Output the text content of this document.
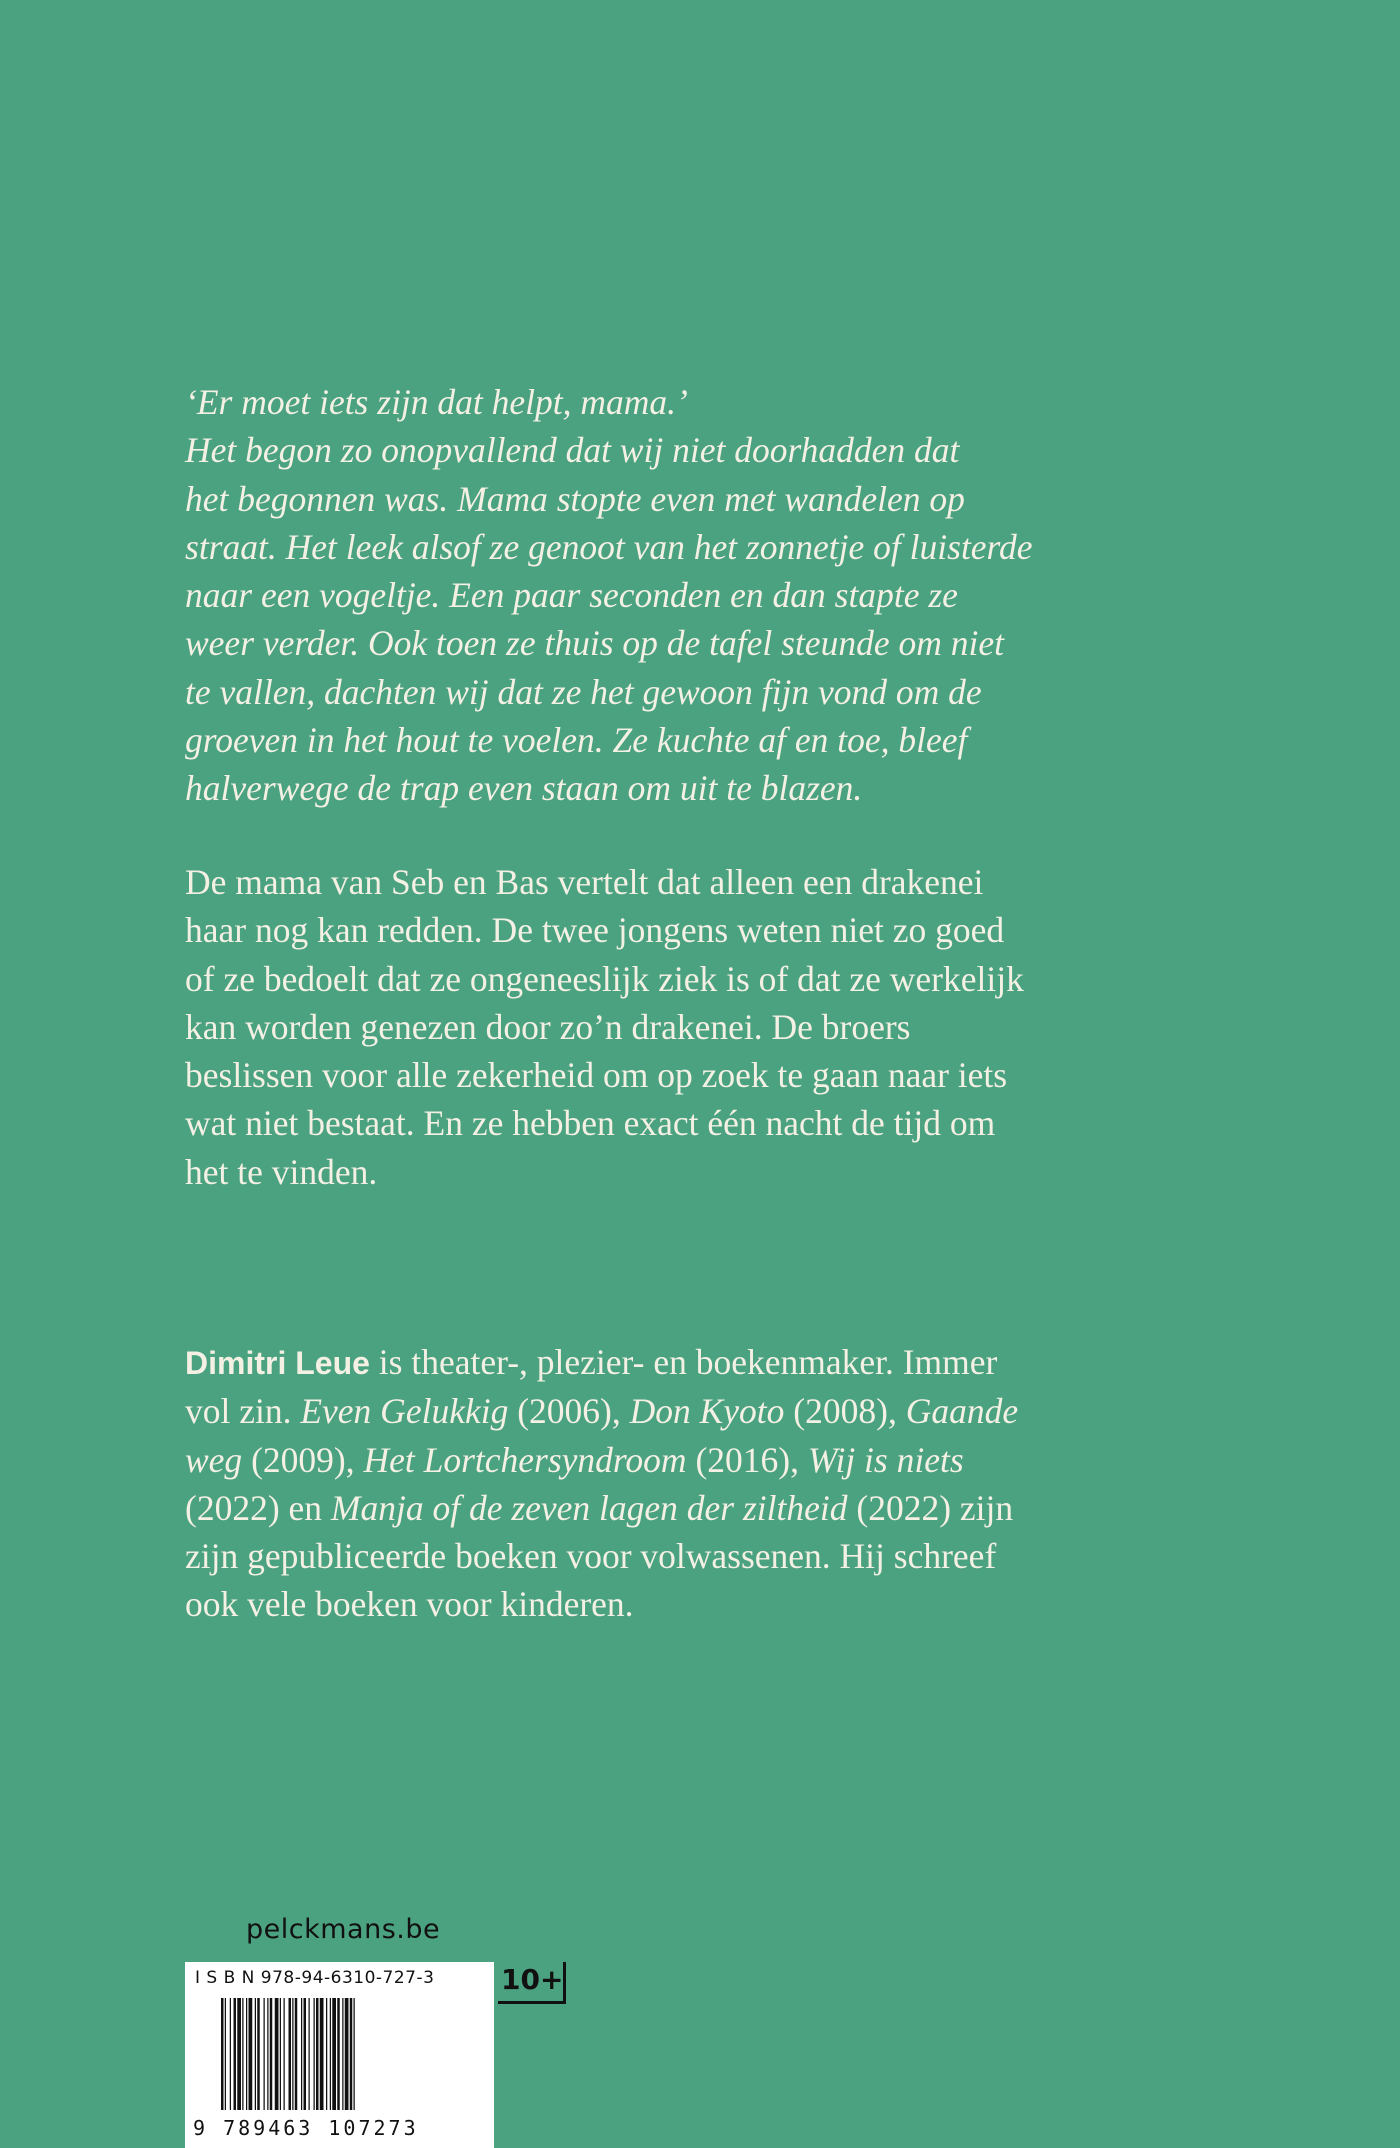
‘Er moet iets zijn dat helpt, mama.’
Het begon zo onopvallend dat wij niet doorhadden dat
het begonnen was. Mama stopte even met wandelen op
straat. Het leek alsof ze genoot van het zonnetje of luisterde
naar een vogeltje. Een paar seconden en dan stapte ze
weer verder. Ook toen ze thuis op de tafel steunde om niet
te vallen, dachten wij dat ze het gewoon fijn vond om de
groeven in het hout te voelen. Ze kuchte af en toe, bleef
halverwege de trap even staan om uit te blazen.
De mama van Seb en Bas vertelt dat alleen een drakenei
haar nog kan redden. De twee jongens weten niet zo goed
of ze bedoelt dat ze ongeneeslijk ziek is of dat ze werkelijk
kan worden genezen door zo’n drakenei. De broers
beslissen voor alle zekerheid om op zoek te gaan naar iets
wat niet bestaat. En ze hebben exact één nacht de tijd om
het te vinden.
Dimitri Leue is theater-, plezier- en boekenmaker. Immer
vol zin. Even Gelukkig (2006), Don Kyoto (2008), Gaande
weg (2009), Het Lortchersyndroom (2016), Wij is niets
(2022) en Manja of de zeven lagen der ziltheid (2022) zijn
zijn gepubliceerde boeken voor volwassenen. Hij schreef
ook vele boeken voor kinderen.
pelckmans.be
I S B N 978-94-6310-727-3
9 789463 107273
10+
